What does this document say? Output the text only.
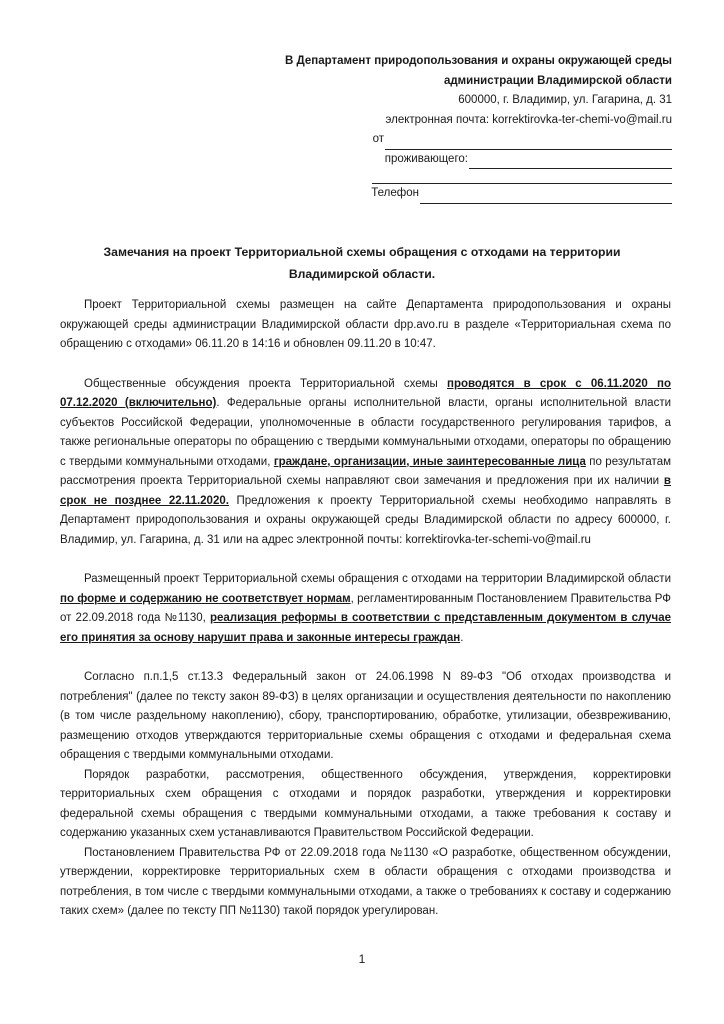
В Департамент природопользования и охраны окружающей среды
администрации Владимирской области
600000, г. Владимир, ул. Гагарина, д. 31
электронная почта: korrektirovka-ter-chemi-vo@mail.ru
от
проживающего:
Телефон
Замечания на проект Территориальной схемы обращения с отходами на территории
Владимирской области.

Проект Территориальной схемы размещен на сайте Департамента природопользования и охраны окружающей среды администрации Владимирской области dpp.avo.ru в разделе «Территориальная схема по обращению с отходами» 06.11.20 в 14:16 и обновлен 09.11.20 в 10:47.

Общественные обсуждения проекта Территориальной схемы проводятся в срок с 06.11.2020 по 07.12.2020 (включительно). Федеральные органы исполнительной власти, органы исполнительной власти субъектов Российской Федерации, уполномоченные в области государственного регулирования тарифов, а также региональные операторы по обращению с твердыми коммунальными отходами, операторы по обращению с твердыми коммунальными отходами, граждане, организации, иные заинтересованные лица по результатам рассмотрения проекта Территориальной схемы направляют свои замечания и предложения при их наличии в срок не позднее 22.11.2020. Предложения к проекту Территориальной схемы необходимо направлять в Департамент природопользования и охраны окружающей среды Владимирской области по адресу 600000, г. Владимир, ул. Гагарина, д. 31 или на адрес электронной почты: korrektirovka-ter-schemi-vo@mail.ru

Размещенный проект Территориальной схемы обращения с отходами на территории Владимирской области по форме и содержанию не соответствует нормам, регламентированным Постановлением Правительства РФ от 22.09.2018 года №1130, реализация реформы в соответствии с представленным документом в случае его принятия за основу нарушит права и законные интересы граждан.

Согласно п.п.1,5 ст.13.3 Федеральный закон от 24.06.1998 N 89-ФЗ "Об отходах производства и потребления" (далее по тексту закон 89-ФЗ) в целях организации и осуществления деятельности по накоплению (в том числе раздельному накоплению), сбору, транспортированию, обработке, утилизации, обезвреживанию, размещению отходов утверждаются территориальные схемы обращения с отходами и федеральная схема обращения с твердыми коммунальными отходами.

Порядок разработки, рассмотрения, общественного обсуждения, утверждения, корректировки территориальных схем обращения с отходами и порядок разработки, утверждения и корректировки федеральной схемы обращения с твердыми коммунальными отходами, а также требования к составу и содержанию указанных схем устанавливаются Правительством Российской Федерации.

Постановлением Правительства РФ от 22.09.2018 года №1130 «О разработке, общественном обсуждении, утверждении, корректировке территориальных схем в области обращения с отходами производства и потребления, в том числе с твердыми коммунальными отходами, а также о требованиях к составу и содержанию таких схем» (далее по тексту ПП №1130) такой порядок урегулирован.

1
